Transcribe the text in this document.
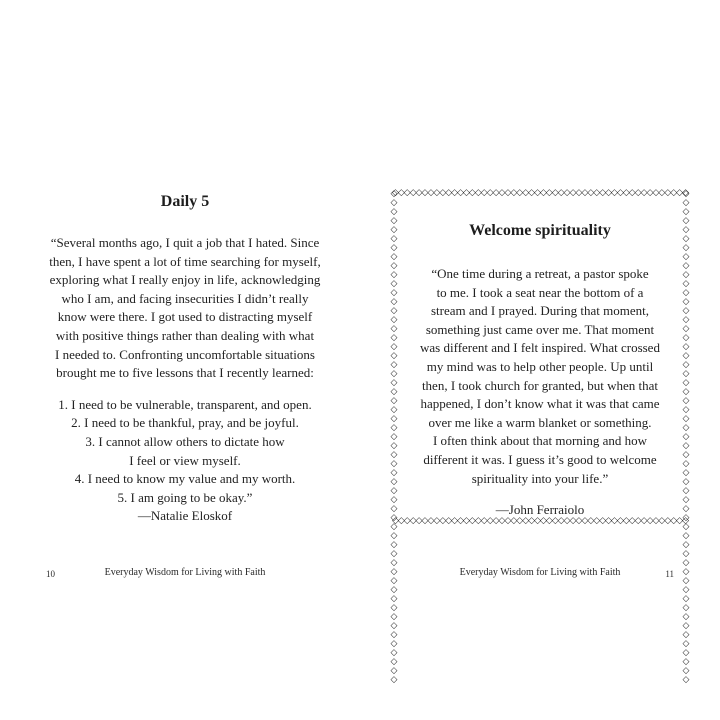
Daily 5
“Several months ago, I quit a job that I hated. Since
then, I have spent a lot of time searching for myself,
exploring what I really enjoy in life, acknowledging
who I am, and facing insecurities I didn’t really
know were there. I got used to distracting myself
with positive things rather than dealing with what
I needed to. Confronting uncomfortable situations
brought me to five lessons that I recently learned:
1. I need to be vulnerable, transparent, and open.
2. I need to be thankful, pray, and be joyful.
3. I cannot allow others to dictate how
I feel or view myself.
4. I need to know my value and my worth.
5. I am going to be okay.”
—Natalie Eloskof
◇◇◇◇◇◇◇◇◇◇◇◇◇◇◇◇◇◇◇◇◇◇◇◇◇◇◇◇◇◇◇◇◇◇◇◇◇◇◇◇◇◇◇◇◇◇◇◇◇◇
◇◇◇◇◇◇◇◇◇◇◇◇◇◇◇◇◇◇◇◇◇◇◇◇◇◇◇◇◇◇◇◇◇◇◇◇◇◇◇◇◇◇◇◇◇◇◇◇◇◇
◇◇◇◇◇◇◇◇◇◇◇◇◇◇◇◇◇◇◇◇◇◇◇◇◇◇◇◇◇◇◇◇◇◇◇◇◇◇◇◇◇◇◇◇◇◇◇◇◇◇◇◇◇◇◇	◇◇◇◇◇◇◇◇◇◇◇◇◇◇◇◇◇◇◇◇◇◇◇◇◇◇◇◇◇◇◇◇◇◇◇◇◇◇◇◇◇◇◇◇◇◇◇◇◇◇◇◇◇◇◇
Welcome spirituality
“One time during a retreat, a pastor spoke
to me. I took a seat near the bottom of a
stream and I prayed. During that moment,
something just came over me. That moment
was different and I felt inspired. What crossed
my mind was to help other people. Up until
then, I took church for granted, but when that
happened, I don’t know what it was that came
over me like a warm blanket or something.
I often think about that morning and how
different it was. I guess it’s good to welcome
spirituality into your life.”
—John Ferraiolo
10	Everyday Wisdom for Living with Faith	Everyday Wisdom for Living with Faith	11
